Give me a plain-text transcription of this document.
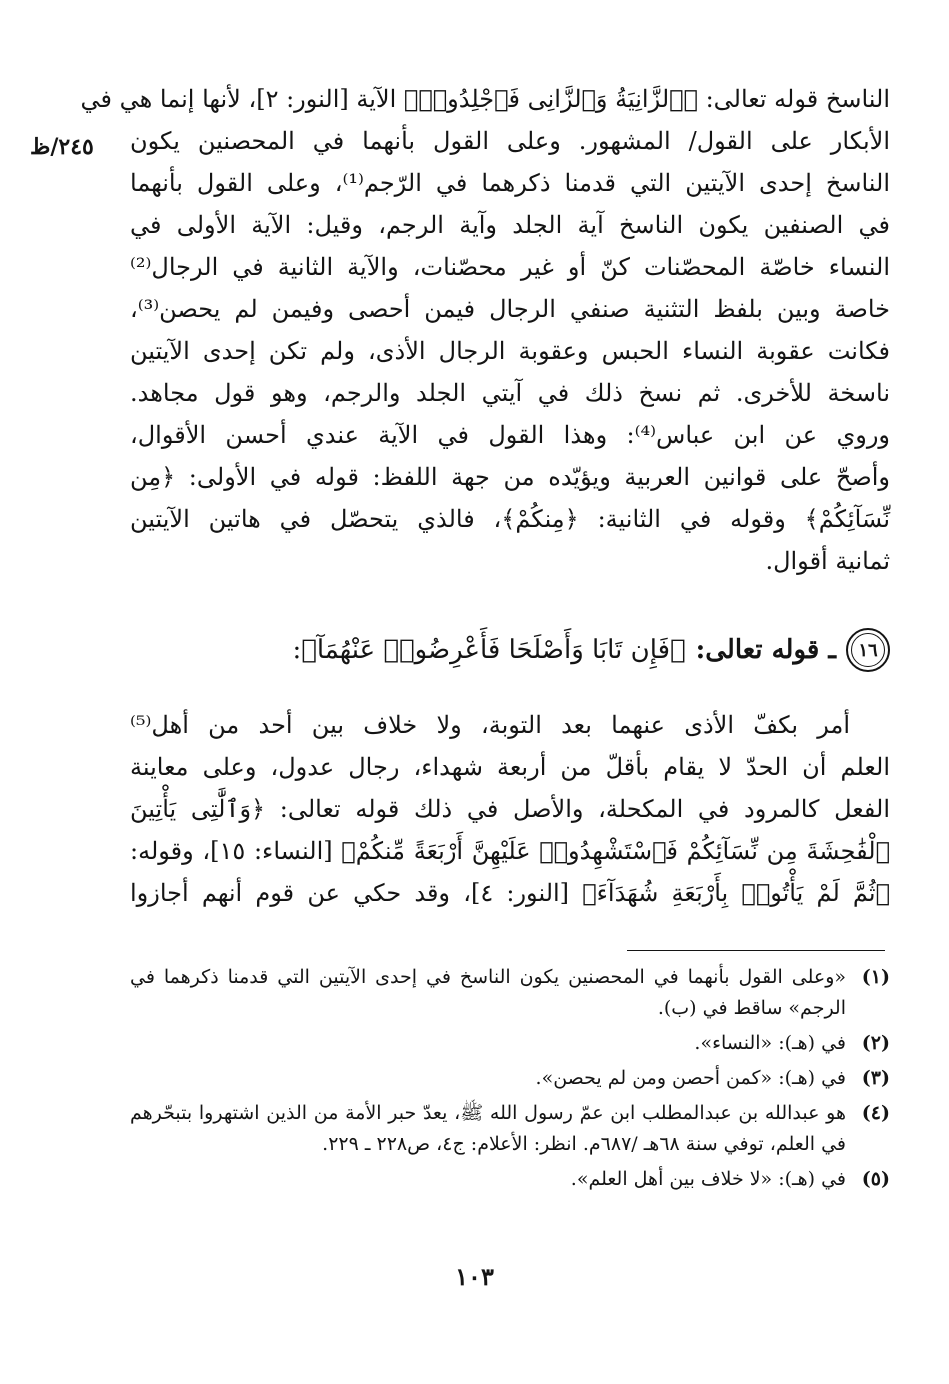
٢٤٥/ظ
الناسخ قوله تعالى: ﴿ٱلزَّانِيَةُ وَٱلزَّانِى فَٱجْلِدُوا۟﴾ الآية [النور: ٢]، لأنها إنما هي في
الأبكار على القول/ المشهور. وعلى القول بأنهما في المحصنين يكون
الناسخ إحدى الآيتين التي قدمنا ذكرهما في الرّجم⁽¹⁾، وعلى القول بأنهما
في الصنفين يكون الناسخ آية الجلد وآية الرجم، وقيل: الآية الأولى في
النساء خاصّة المحصّنات كنّ أو غير محصّنات، والآية الثانية في الرجال⁽²⁾
خاصة وبين بلفظ التثنية صنفي الرجال فيمن أحصى وفيمن لم يحصن⁽³⁾،
فكانت عقوبة النساء الحبس وعقوبة الرجال الأذى، ولم تكن إحدى الآيتين
ناسخة للأخرى. ثم نسخ ذلك في آيتي الجلد والرجم، وهو قول مجاهد.
وروي عن ابن عباس⁽⁴⁾: وهذا القول في الآية عندي أحسن الأقوال،
وأصحّ على قوانين العربية ويؤيّده من جهة اللفظ: قوله في الأولى: ﴿مِن
نِّسَآئِكُمْ﴾ وقوله في الثانية: ﴿مِنكُمْ﴾، فالذي يتحصّل في هاتين الآيتين
ثمانية أقوال.
١٦
ـ قوله تعالى:
﴿فَإِن تَابَا وَأَصْلَحَا فَأَعْرِضُوا۟ عَنْهُمَآ﴾:
أمر بكفّ الأذى عنهما بعد التوبة، ولا خلاف بين أحد من أهل⁽⁵⁾
العلم أن الحدّ لا يقام بأقلّ من أربعة شهداء، رجال عدول، وعلى معاينة
الفعل كالمرود في المكحلة، والأصل في ذلك قوله تعالى: ﴿وَٱلَّٰتِى يَأْتِينَ
ٱلْفَٰحِشَةَ مِن نِّسَآئِكُمْ فَٱسْتَشْهِدُوا۟ عَلَيْهِنَّ أَرْبَعَةً مِّنكُمْ﴾ [النساء: ١٥]، وقوله:
﴿ثُمَّ لَمْ يَأْتُوا۟ بِأَرْبَعَةِ شُهَدَآءَ﴾ [النور: ٤]، وقد حكي عن قوم أنهم أجازوا
(١)
«وعلى القول بأنهما في المحصنين يكون الناسخ في إحدى الآيتين التي قدمنا ذكرهما في الرجم» ساقط في (ب).
(٢)
في (هـ): «النساء».
(٣)
في (هـ): «كمن أحصن ومن لم يحصن».
(٤)
هو عبدالله بن عبدالمطلب ابن عمّ رسول الله ﷺ، يعدّ حبر الأمة من الذين اشتهروا بتبحّرهم في العلم، توفي سنة ٦٨هـ /٦٨٧م. انظر: الأعلام: ج٤، ص٢٢٨ ـ ٢٢٩.
(٥)
في (هـ): «لا خلاف بين أهل العلم».
١٠٣
